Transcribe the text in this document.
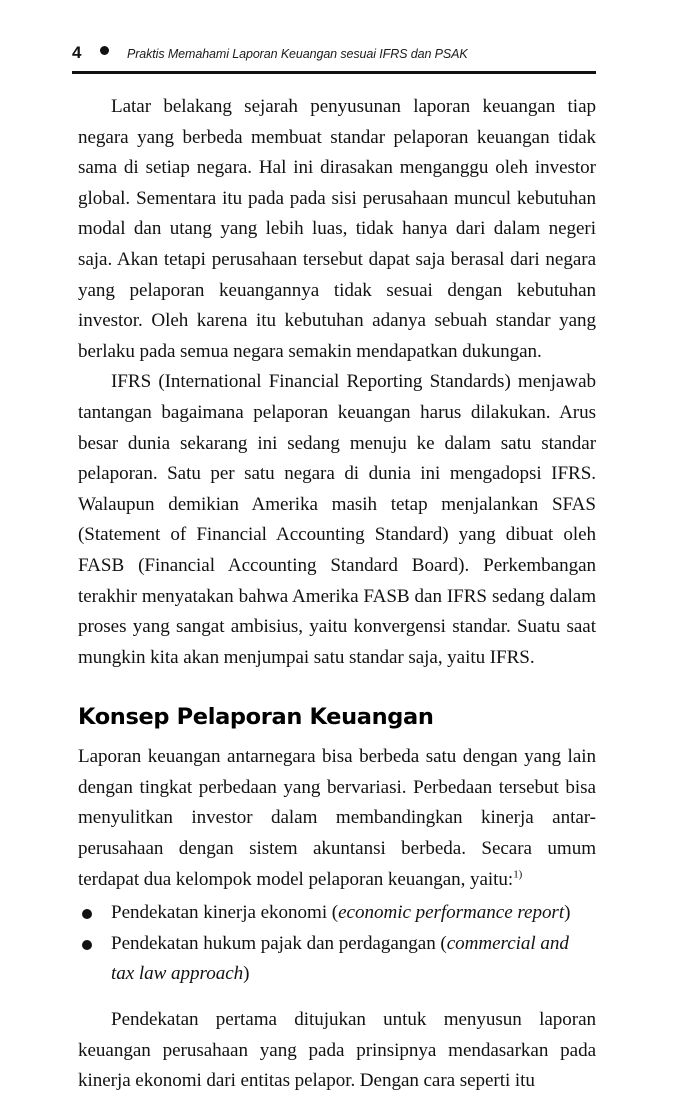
4	Praktis Memahami Laporan Keuangan sesuai IFRS dan PSAK

Latar belakang sejarah penyusunan laporan keuangan tiap negara yang berbeda membuat standar pelaporan keuangan tidak sama di setiap negara. Hal ini dirasakan menganggu oleh investor global. Sementara itu pada pada sisi perusahaan muncul kebutuhan modal dan utang yang lebih luas, tidak hanya dari dalam negeri saja. Akan tetapi perusahaan tersebut dapat saja berasal dari negara yang pelaporan keuangannya tidak sesuai dengan kebutuhan investor. Oleh karena itu kebutuhan adanya sebuah standar yang berlaku pada semua negara semakin mendapatkan dukungan.

IFRS (International Financial Reporting Standards) menjawab tantangan bagaimana pelaporan keuangan harus dilakukan. Arus besar dunia sekarang ini sedang menuju ke dalam satu standar pelaporan. Satu per satu negara di dunia ini mengadopsi IFRS. Walaupun demikian Amerika masih tetap menjalankan SFAS (Statement of Financial Accounting Standard) yang dibuat oleh FASB (Financial Accounting Standard Board). Perkembangan terakhir menyatakan bahwa Amerika FASB dan IFRS sedang dalam proses yang sangat ambisius, yaitu konvergensi standar. Suatu saat mungkin kita akan menjumpai satu standar saja, yaitu IFRS.

Konsep Pelaporan Keuangan

Laporan keuangan antarnegara bisa berbeda satu dengan yang lain dengan tingkat perbedaan yang bervariasi. Perbedaan tersebut bisa menyulitkan investor dalam membandingkan kinerja antar-perusahaan dengan sistem akuntansi berbeda. Secara umum terdapat dua kelompok model pelaporan keuangan, yaitu:$^{1)}$

Pendekatan kinerja ekonomi (economic performance report)
Pendekatan hukum pajak dan perdagangan (commercial and tax law approach)

Pendekatan pertama ditujukan untuk menyusun laporan keuangan perusahaan yang pada prinsipnya mendasarkan pada kinerja ekonomi dari entitas pelapor. Dengan cara seperti itu
